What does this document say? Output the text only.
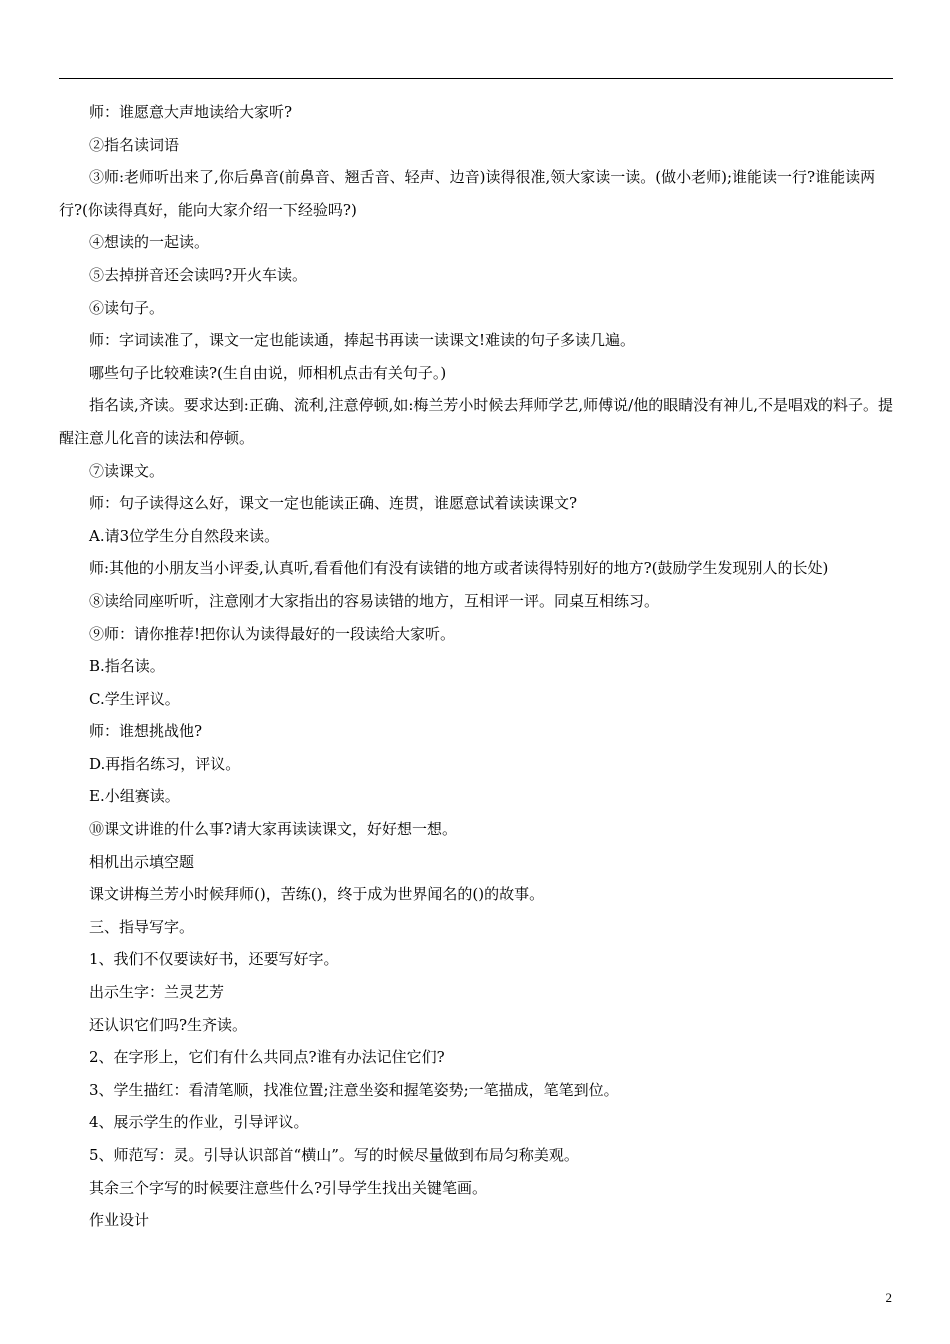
师：谁愿意大声地读给大家听?

②指名读词语

③师:老师听出来了,你后鼻音(前鼻音、翘舌音、轻声、边音)读得很准,领大家读一读。(做小老师);谁能读一行?谁能读两行?(你读得真好，能向大家介绍一下经验吗?)

④想读的一起读。

⑤去掉拼音还会读吗?开火车读。

⑥读句子。

师：字词读准了，课文一定也能读通，捧起书再读一读课文!难读的句子多读几遍。

哪些句子比较难读?(生自由说，师相机点击有关句子。)

指名读,齐读。要求达到:正确、流利,注意停顿,如:梅兰芳小时候去拜师学艺,师傅说/他的眼睛没有神儿,不是唱戏的料子。提醒注意儿化音的读法和停顿。

⑦读课文。

师：句子读得这么好，课文一定也能读正确、连贯，谁愿意试着读读课文?

A.请3位学生分自然段来读。

师:其他的小朋友当小评委,认真听,看看他们有没有读错的地方或者读得特别好的地方?(鼓励学生发现别人的长处)

⑧读给同座听听，注意刚才大家指出的容易读错的地方，互相评一评。同桌互相练习。

⑨师：请你推荐!把你认为读得最好的一段读给大家听。

B.指名读。

C.学生评议。

师：谁想挑战他?

D.再指名练习，评议。

E.小组赛读。

⑩课文讲谁的什么事?请大家再读读课文，好好想一想。

相机出示填空题

课文讲梅兰芳小时候拜师()，苦练()，终于成为世界闻名的()的故事。

三、指导写字。

1、我们不仅要读好书，还要写好字。

出示生字：兰灵艺芳

还认识它们吗?生齐读。

2、在字形上，它们有什么共同点?谁有办法记住它们?

3、学生描红：看清笔顺，找准位置;注意坐姿和握笔姿势;一笔描成，笔笔到位。

4、展示学生的作业，引导评议。

5、师范写：灵。引导认识部首“横山”。写的时候尽量做到布局匀称美观。

其余三个字写的时候要注意些什么?引导学生找出关键笔画。

作业设计

2
